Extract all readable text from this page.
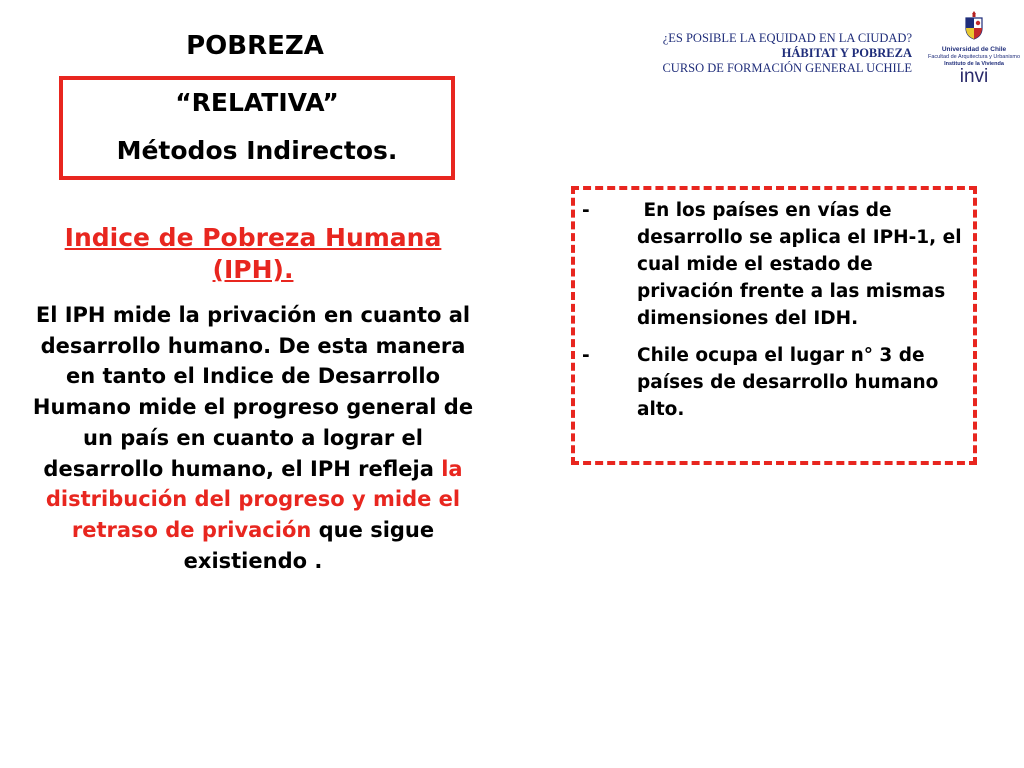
POBREZA
“RELATIVA”
Métodos Indirectos.
¿ES POSIBLE LA EQUIDAD EN LA CIUDAD?
HÁBITAT Y POBREZA
CURSO DE FORMACIÓN GENERAL UCHILE
Universidad de Chile
Facultad de Arquitectura y Urbanismo
Instituto de la Vivienda
invi
Indice de Pobreza Humana (IPH).
El IPH mide la privación en cuanto al desarrollo humano. De esta manera en tanto el Indice de Desarrollo Humano mide el progreso general de un país en cuanto a lograr el desarrollo humano, el IPH refleja la distribución del progreso y mide el retraso de privación que sigue existiendo .
-	En los países en vías de desarrollo se aplica el IPH-1, el cual mide el estado de privación frente a las mismas dimensiones del IDH.
-	Chile ocupa el lugar n° 3 de países de desarrollo humano alto.
